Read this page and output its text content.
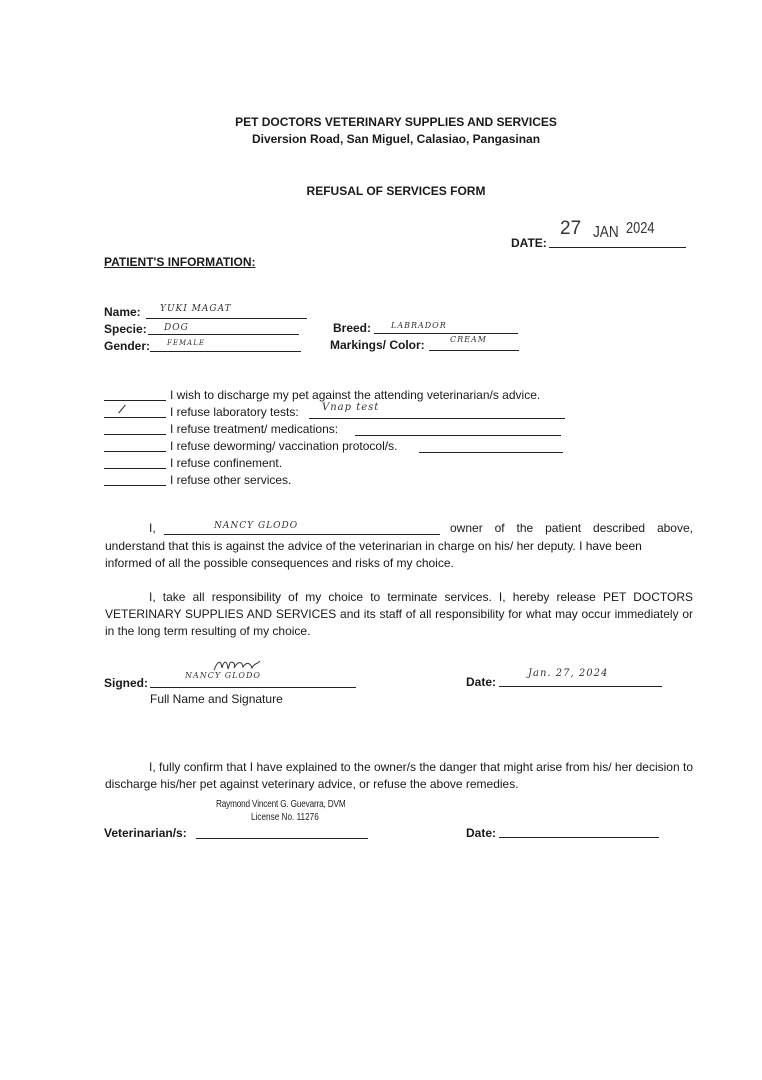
PET DOCTORS VETERINARY SUPPLIES AND SERVICES
Diversion Road, San Miguel, Calasiao, Pangasinan
REFUSAL OF SERVICES FORM
DATE:
27 JAN 2024
PATIENT'S INFORMATION:
Name: YUKI MAGAT
Specie: DOG
Gender: FEMALE
Breed: LABRADOR
Markings/ Color:	CREAM
I wish to discharge my pet against the attending veterinarian/s advice.
/	I refuse laboratory tests: Vnap test
I refuse treatment/ medications:
I refuse deworming/ vaccination protocol/s.
I refuse confinement.
I refuse other services.
I,	NANCY GLODO	owner of the patient described above,
understand that this is against the advice of the veterinarian in charge on his/ her deputy. I have been
informed of all the possible consequences and risks of my choice.
I, take all responsibility of my choice to terminate services. I, hereby release PET DOCTORS VETERINARY SUPPLIES AND SERVICES and its staff of all responsibility for what may occur immediately or in the long term resulting of my choice.
Signed:
NANCY GLODO
Full Name and Signature
Date:
Jan. 27, 2024
I, fully confirm that I have explained to the owner/s the danger that might arise from his/ her decision to discharge his/her pet against veterinary advice, or refuse the above remedies.
Raymond Vincent G. Guevarra, DVM
License No. 11276
Veterinarian/s:	Date:
